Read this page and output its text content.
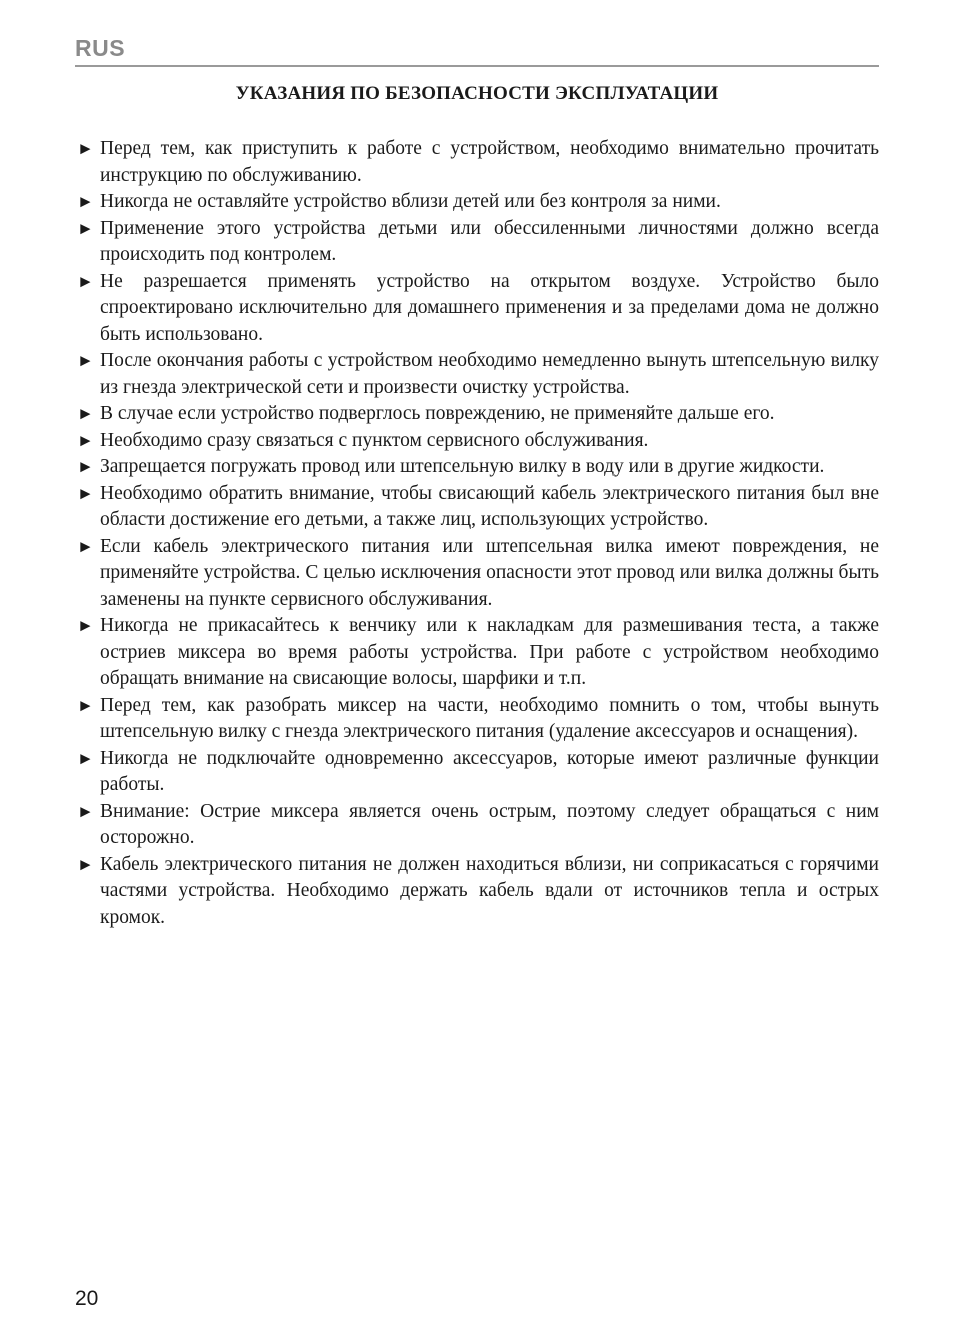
RUS
УКАЗАНИЯ ПО БЕЗОПАСНОСТИ ЭКСПЛУАТАЦИИ
► Перед тем, как приступить к работе с устройством, необходимо внимательно прочитать инструкцию по обслуживанию.
► Никогда не оставляйте устройство вблизи детей или без контроля за ними.
► Применение этого устройства детьми или обессиленными личностями должно всегда происходить под контролем.
► Не разрешается применять устройство на открытом воздухе. Устройство было спроектировано исключительно для домашнего применения и за пределами дома не должно быть использовано.
► После окончания работы с устройством необходимо немедленно вынуть штепсельную вилку из гнезда электрической сети и произвести очистку устройства.
► В случае если устройство подверглось повреждению, не применяйте дальше его.
► Необходимо сразу связаться с пунктом сервисного обслуживания.
► Запрещается погружать провод или штепсельную вилку в воду или в другие жидкости.
► Необходимо обратить внимание, чтобы свисающий кабель электрического питания был вне области достижение его детьми, а также лиц, использующих устройство.
► Если кабель электрического питания или штепсельная вилка имеют повреждения, не применяйте устройства. С целью исключения опасности этот провод или вилка должны быть заменены на пункте сервисного обслуживания.
► Никогда не прикасайтесь к венчику или к накладкам для размешивания теста, а также остриев миксера во время работы устройства. При работе с устройством необходимо обращать внимание на свисающие волосы, шарфики и т.п.
► Перед тем, как разобрать миксер на части, необходимо помнить о том, чтобы вынуть штепсельную вилку с гнезда электрического питания (удаление аксессуаров и оснащения).
► Никогда не подключайте одновременно аксессуаров, которые имеют различные функции работы.
► Внимание: Острие миксера является очень острым, поэтому следует обращаться с ним осторожно.
► Кабель электрического питания не должен находиться вблизи, ни соприкасаться с горячими частями устройства. Необходимо держать кабель вдали от источников тепла и острых кромок.
20
